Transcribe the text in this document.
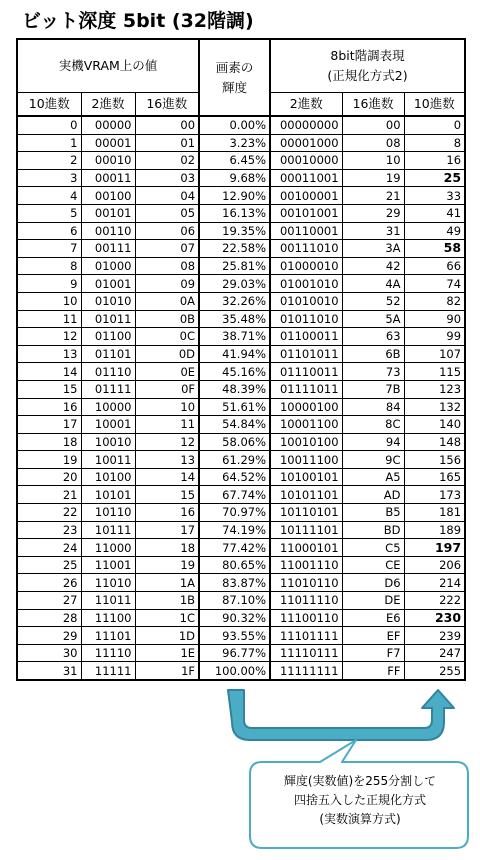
ビット深度 5bit (32階調)
実機VRAM上の値			画素の
輝度	8bit階調表現
(正規化方式2)		
10進数	2進数	16進数		2進数	16進数	10進数
0	00000	00	0.00%	00000000	00	0
1	00001	01	3.23%	00001000	08	8
2	00010	02	6.45%	00010000	10	16
3	00011	03	9.68%	00011001	19	25
4	00100	04	12.90%	00100001	21	33
5	00101	05	16.13%	00101001	29	41
6	00110	06	19.35%	00110001	31	49
7	00111	07	22.58%	00111010	3A	58
8	01000	08	25.81%	01000010	42	66
9	01001	09	29.03%	01001010	4A	74
10	01010	0A	32.26%	01010010	52	82
11	01011	0B	35.48%	01011010	5A	90
12	01100	0C	38.71%	01100011	63	99
13	01101	0D	41.94%	01101011	6B	107
14	01110	0E	45.16%	01110011	73	115
15	01111	0F	48.39%	01111011	7B	123
16	10000	10	51.61%	10000100	84	132
17	10001	11	54.84%	10001100	8C	140
18	10010	12	58.06%	10010100	94	148
19	10011	13	61.29%	10011100	9C	156
20	10100	14	64.52%	10100101	A5	165
21	10101	15	67.74%	10101101	AD	173
22	10110	16	70.97%	10110101	B5	181
23	10111	17	74.19%	10111101	BD	189
24	11000	18	77.42%	11000101	C5	197
25	11001	19	80.65%	11001110	CE	206
26	11010	1A	83.87%	11010110	D6	214
27	11011	1B	87.10%	11011110	DE	222
28	11100	1C	90.32%	11100110	E6	230
29	11101	1D	93.55%	11101111	EF	239
30	11110	1E	96.77%	11110111	F7	247
31	11111	1F	100.00%	11111111	FF	255
輝度(実数値)を255分割して
四捨五入した正規化方式
(実数演算方式)
